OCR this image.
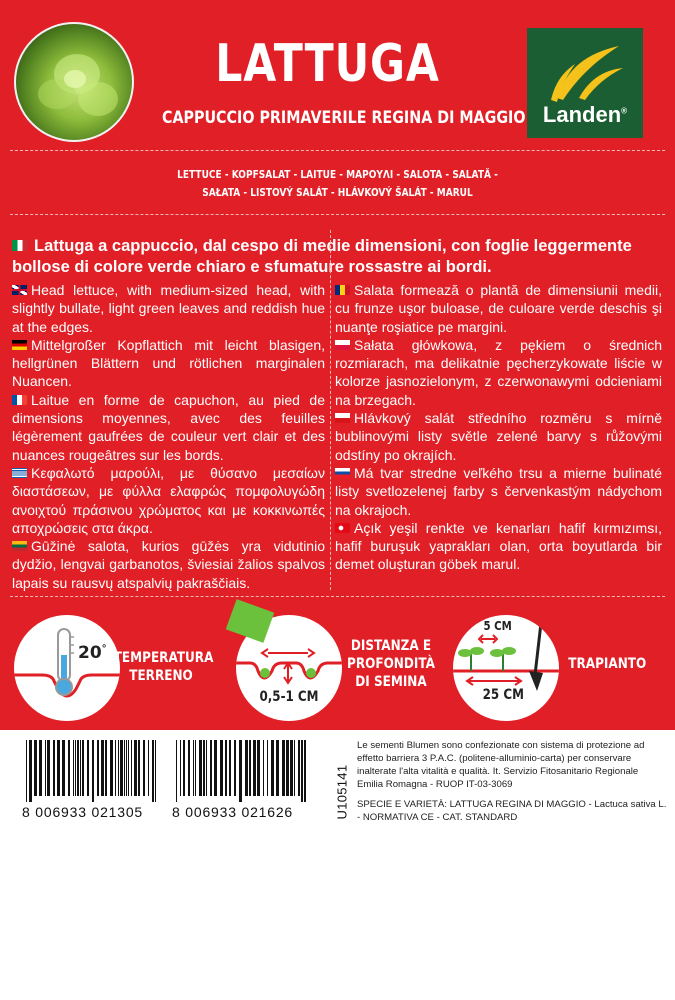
LATTUGA
CAPPUCCIO PRIMAVERILE REGINA DI MAGGIO Landen®
LETTUCE - KOPFSALAT - LAITUE - ΜΑΡΟΥΛΙ - SALOTA - SALATĂ -
SAŁATA - LISTOVÝ SALÁT - HLÁVKOVÝ ŠALÁT - MARUL
Lattuga a cappuccio, dal cespo di medie dimensioni, con foglie leggermente bollose di colore verde chiaro e sfumature rossastre ai bordi.

Head lettuce, with medium-sized head, with slightly bullate, light green leaves and reddish hue at the edges.

Mittelgroßer Kopflattich mit leicht blasigen, hellgrünen Blättern und rötlichen marginalen Nuancen.

Laitue en forme de capuchon, au pied de dimensions moyennes, avec des feuilles légèrement gaufrées de couleur vert clair et des nuances rougeâtres sur les bords.

Κεφαλωτό μαρούλι, με θύσανο μεσαίων διαστάσεων, με φύλλα ελαφρώς πομφολυγώδη ανοιχτού πράσινου χρώματος και με κοκκινωπές αποχρώσεις στα άκρα.

Gūžinė salota, kurios gūžės yra vidutinio dydžio, lengvai garbanotos, šviesiai žalios spalvos lapais su rausvų atspalvių pakraščiais.

Salata formează o plantă de dimensiunii medii, cu frunze uşor buloase, de culoare verde deschis şi nuanţe roşiatice pe margini.

Sałata główkowa, z pękiem o średnich rozmiarach, ma delikatnie pęcherzykowate liście w kolorze jasnozielonym, z czerwonawymi odcieniami na brzegach.

Hlávkový salát středního rozměru s mírně bublinovými listy světle zelené barvy s růžovými odstíny po okrajích.

Má tvar stredne veľkého trsu a mierne bulinaté listy svetlozelenej farby s červenkastým nádychom na okrajoch.

Açık yeşil renkte ve kenarları hafif kırmızımsı, hafif buruşuk yaprakları olan, orta boyutlarda bir demet oluşturan göbek marul.

20°
TEMPERATURA
TERRENO
0,5-1 CM
DISTANZA E
PROFONDITÀ
DI SEMINA
5 CM
25 CM
TRAPIANTO
8 006933 021305	8 006933 021626	U105141

Le sementi Blumen sono confezionate con sistema di protezione ad effetto barriera 3 P.A.C. (politene-alluminio-carta) per conservare inalterate l'alta vitalità e qualità. It. Servizio Fitosanitario Regionale Emilia Romagna - RUOP IT-03-3069

SPECIE E VARIETÀ: LATTUGA REGINA DI MAGGIO - Lactuca sativa L. - NORMATIVA CE - CAT. STANDARD
